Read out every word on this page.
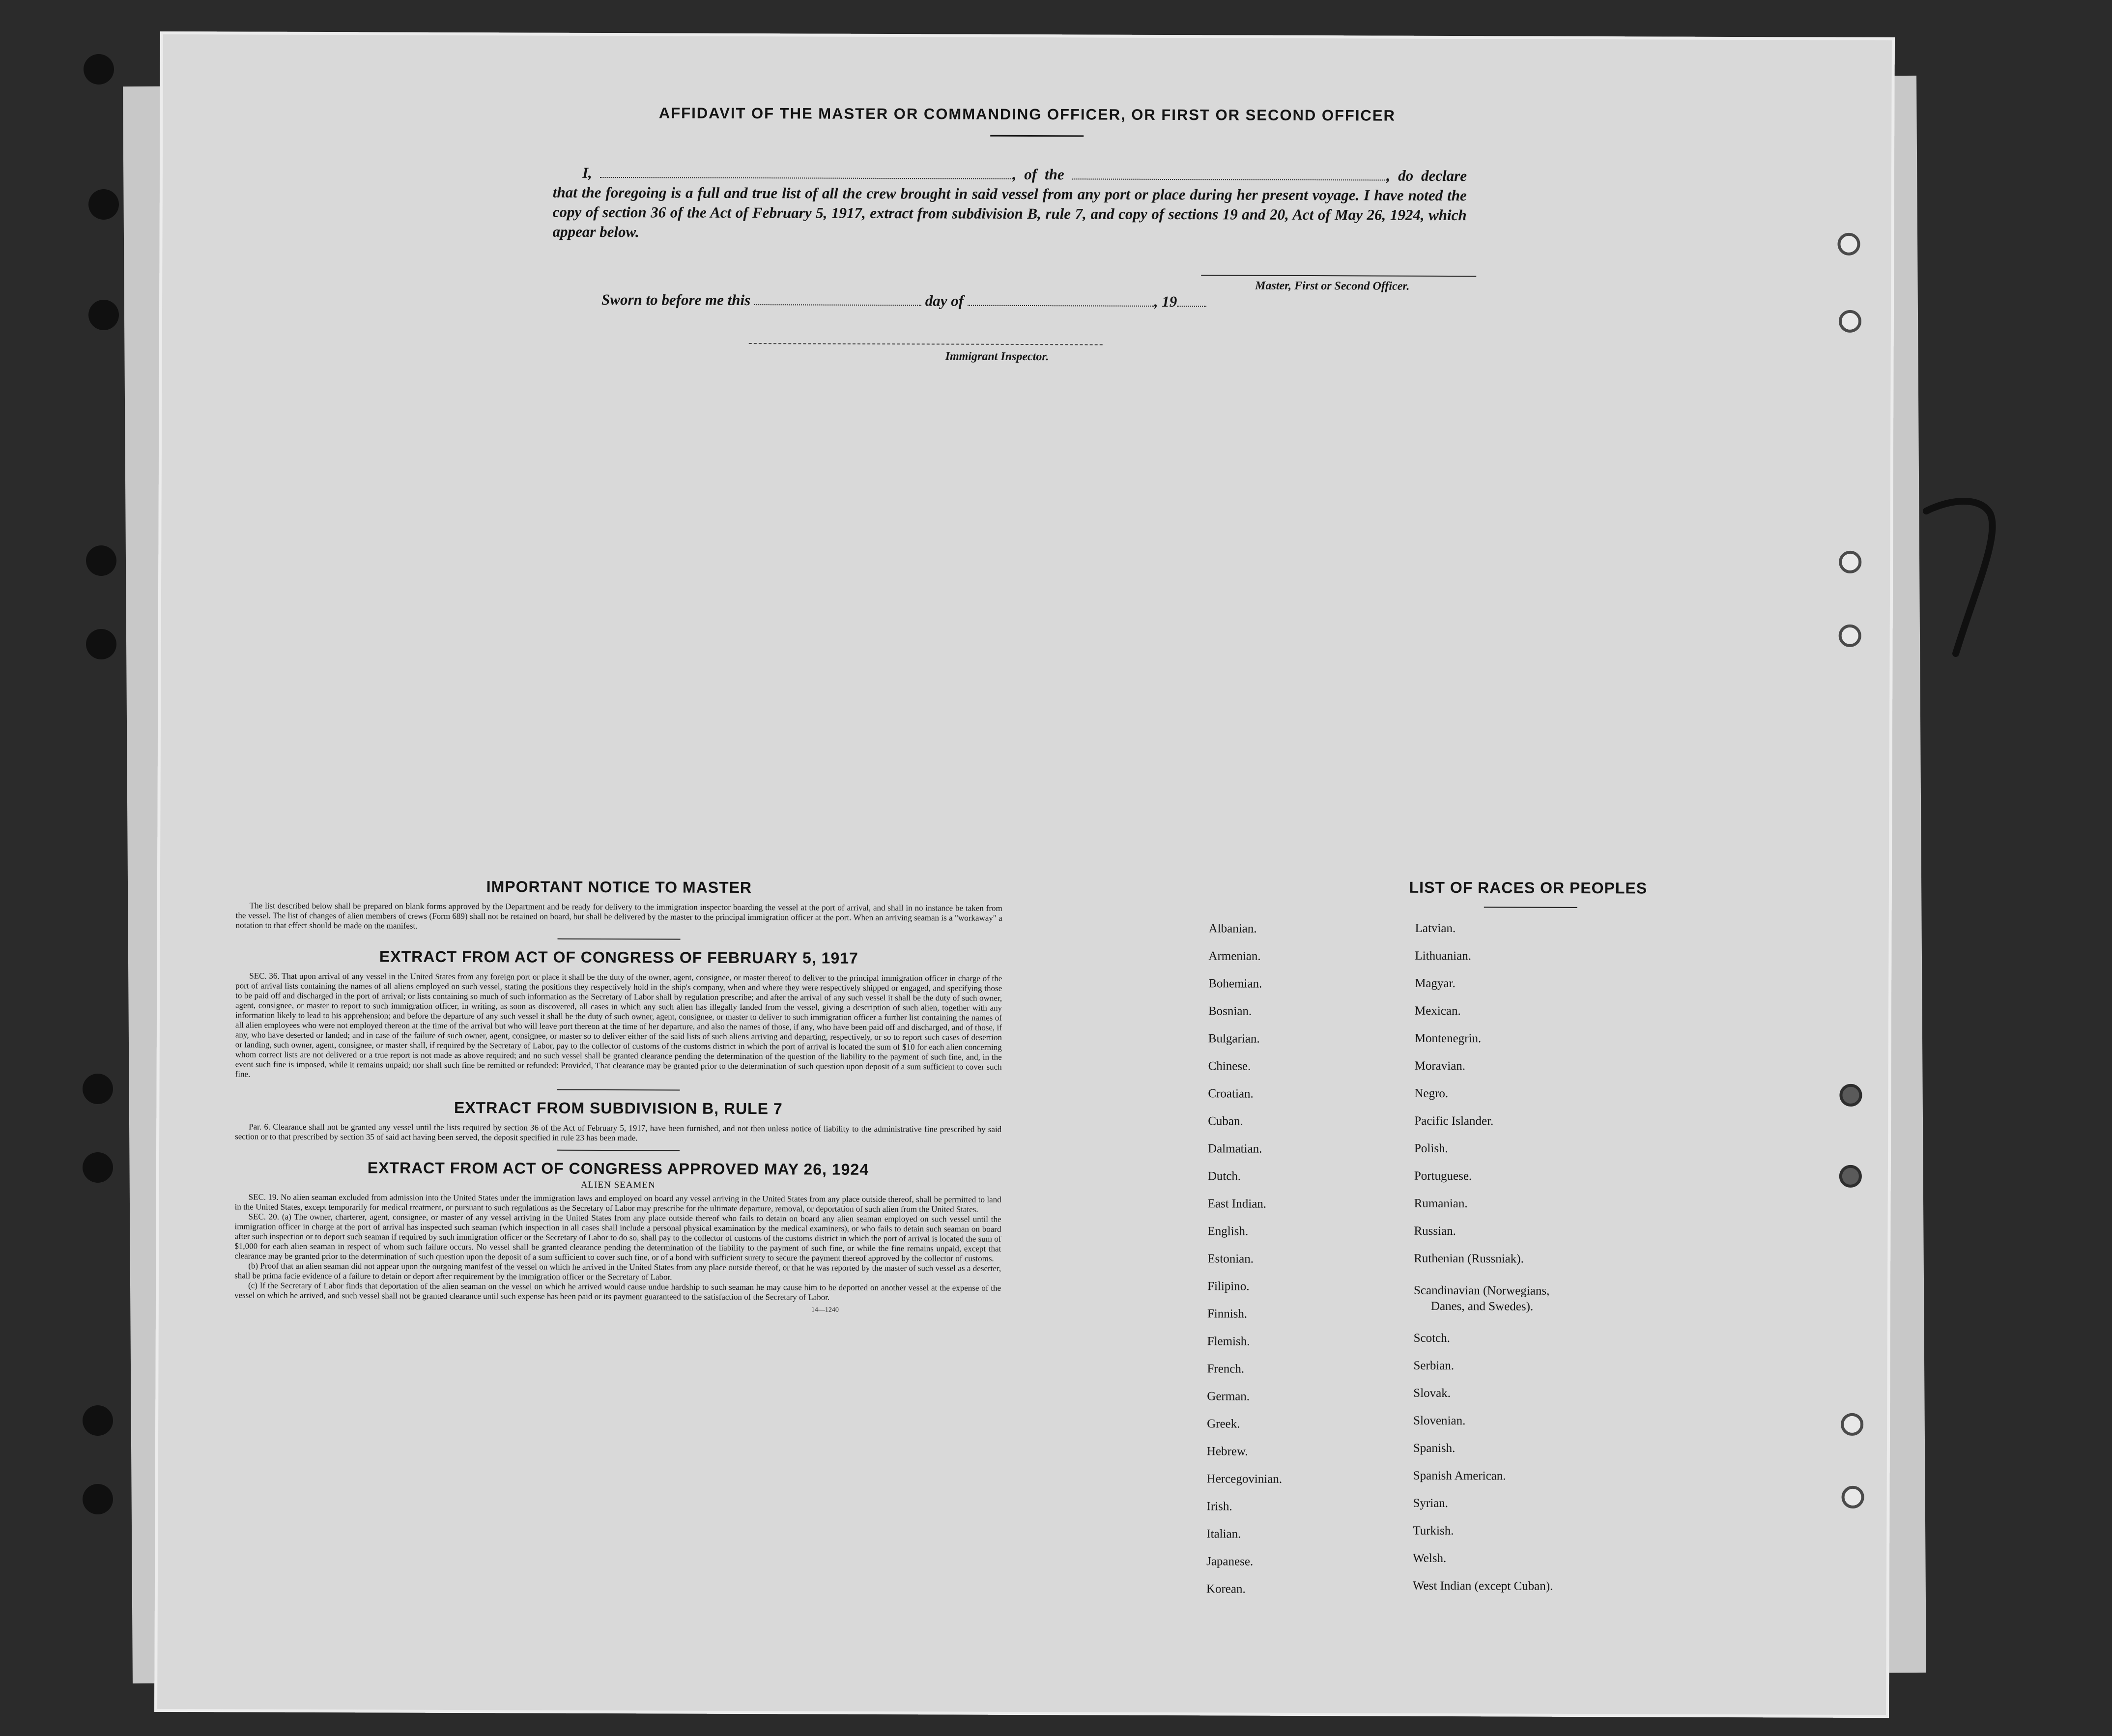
AFFIDAVIT OF THE MASTER OR COMMANDING OFFICER, OR FIRST OR SECOND OFFICER
I,	, of the	, do declare that the foregoing is a full and true list of all the crew brought in said vessel from any port or place during her present voyage. I have noted the copy of section 36 of the Act of February 5, 1917, extract from subdivision B, rule 7, and copy of sections 19 and 20, Act of May 26, 1924, which appear below.
Master, First or Second Officer.
Sworn to before me this	day of	, 19
Immigrant Inspector.

IMPORTANT NOTICE TO MASTER

The list described below shall be prepared on blank forms approved by the Department and be ready for delivery to the immigration inspector boarding the vessel at the port of arrival, and shall in no instance be taken from the vessel. The list of changes of alien members of crews (Form 689) shall not be retained on board, but shall be delivered by the master to the principal immigration officer at the port. When an arriving seaman is a "workaway" a notation to that effect should be made on the manifest.

EXTRACT FROM ACT OF CONGRESS OF FEBRUARY 5, 1917

SEC. 36. That upon arrival of any vessel in the United States from any foreign port or place it shall be the duty of the owner, agent, consignee, or master thereof to deliver to the principal immigration officer in charge of the port of arrival lists containing the names of all aliens employed on such vessel, stating the positions they respectively hold in the ship's company, when and where they were respectively shipped or engaged, and specifying those to be paid off and discharged in the port of arrival; or lists containing so much of such information as the Secretary of Labor shall by regulation prescribe; and after the arrival of any such vessel it shall be the duty of such owner, agent, consignee, or master to report to such immigration officer, in writing, as soon as discovered, all cases in which any such alien has illegally landed from the vessel, giving a description of such alien, together with any information likely to lead to his apprehension; and before the departure of any such vessel it shall be the duty of such owner, agent, consignee, or master to deliver to such immigration officer a further list containing the names of all alien employees who were not employed thereon at the time of the arrival but who will leave port thereon at the time of her departure, and also the names of those, if any, who have been paid off and discharged, and of those, if any, who have deserted or landed; and in case of the failure of such owner, agent, consignee, or master so to deliver either of the said lists of such aliens arriving and departing, respectively, or so to report such cases of desertion or landing, such owner, agent, consignee, or master shall, if required by the Secretary of Labor, pay to the collector of customs of the customs district in which the port of arrival is located the sum of $10 for each alien concerning whom correct lists are not delivered or a true report is not made as above required; and no such vessel shall be granted clearance pending the determination of the question of the liability to the payment of such fine, and, in the event such fine is imposed, while it remains unpaid; nor shall such fine be remitted or refunded: Provided, That clearance may be granted prior to the determination of such question upon deposit of a sum sufficient to cover such fine.

EXTRACT FROM SUBDIVISION B, RULE 7

Par. 6. Clearance shall not be granted any vessel until the lists required by section 36 of the Act of February 5, 1917, have been furnished, and not then unless notice of liability to the administrative fine prescribed by said section or to that prescribed by section 35 of said act having been served, the deposit specified in rule 23 has been made.

EXTRACT FROM ACT OF CONGRESS APPROVED MAY 26, 1924

ALIEN SEAMEN

SEC. 19. No alien seaman excluded from admission into the United States under the immigration laws and employed on board any vessel arriving in the United States from any place outside thereof, shall be permitted to land in the United States, except temporarily for medical treatment, or pursuant to such regulations as the Secretary of Labor may prescribe for the ultimate departure, removal, or deportation of such alien from the United States.

SEC. 20. (a) The owner, charterer, agent, consignee, or master of any vessel arriving in the United States from any place outside thereof who fails to detain on board any alien seaman employed on such vessel until the immigration officer in charge at the port of arrival has inspected such seaman (which inspection in all cases shall include a personal physical examination by the medical examiners), or who fails to detain such seaman on board after such inspection or to deport such seaman if required by such immigration officer or the Secretary of Labor to do so, shall pay to the collector of customs of the customs district in which the port of arrival is located the sum of $1,000 for each alien seaman in respect of whom such failure occurs. No vessel shall be granted clearance pending the determination of the liability to the payment of such fine, or while the fine remains unpaid, except that clearance may be granted prior to the determination of such question upon the deposit of a sum sufficient to cover such fine, or of a bond with sufficient surety to secure the payment thereof approved by the collector of customs.

(b) Proof that an alien seaman did not appear upon the outgoing manifest of the vessel on which he arrived in the United States from any place outside thereof, or that he was reported by the master of such vessel as a deserter, shall be prima facie evidence of a failure to detain or deport after requirement by the immigration officer or the Secretary of Labor.

(c) If the Secretary of Labor finds that deportation of the alien seaman on the vessel on which he arrived would cause undue hardship to such seaman he may cause him to be deported on another vessel at the expense of the vessel on which he arrived, and such vessel shall not be granted clearance until such expense has been paid or its payment guaranteed to the satisfaction of the Secretary of Labor.

14—1240

LIST OF RACES OR PEOPLES
Albanian.
Armenian.
Bohemian.
Bosnian.
Bulgarian.
Chinese.
Croatian.
Cuban.
Dalmatian.
Dutch.
East Indian.
English.
Estonian.
Filipino.
Finnish.
Flemish.
French.
German.
Greek.
Hebrew.
Hercegovinian.
Irish.
Italian.
Japanese.
Korean.
Latvian.
Lithuanian.
Magyar.
Mexican.
Montenegrin.
Moravian.
Negro.
Pacific Islander.
Polish.
Portuguese.
Rumanian.
Russian.
Ruthenian (Russniak).
Scandinavian (Norwegians,
Danes, and Swedes).
Scotch.
Serbian.
Slovak.
Slovenian.
Spanish.
Spanish American.
Syrian.
Turkish.
Welsh.
West Indian (except Cuban).
